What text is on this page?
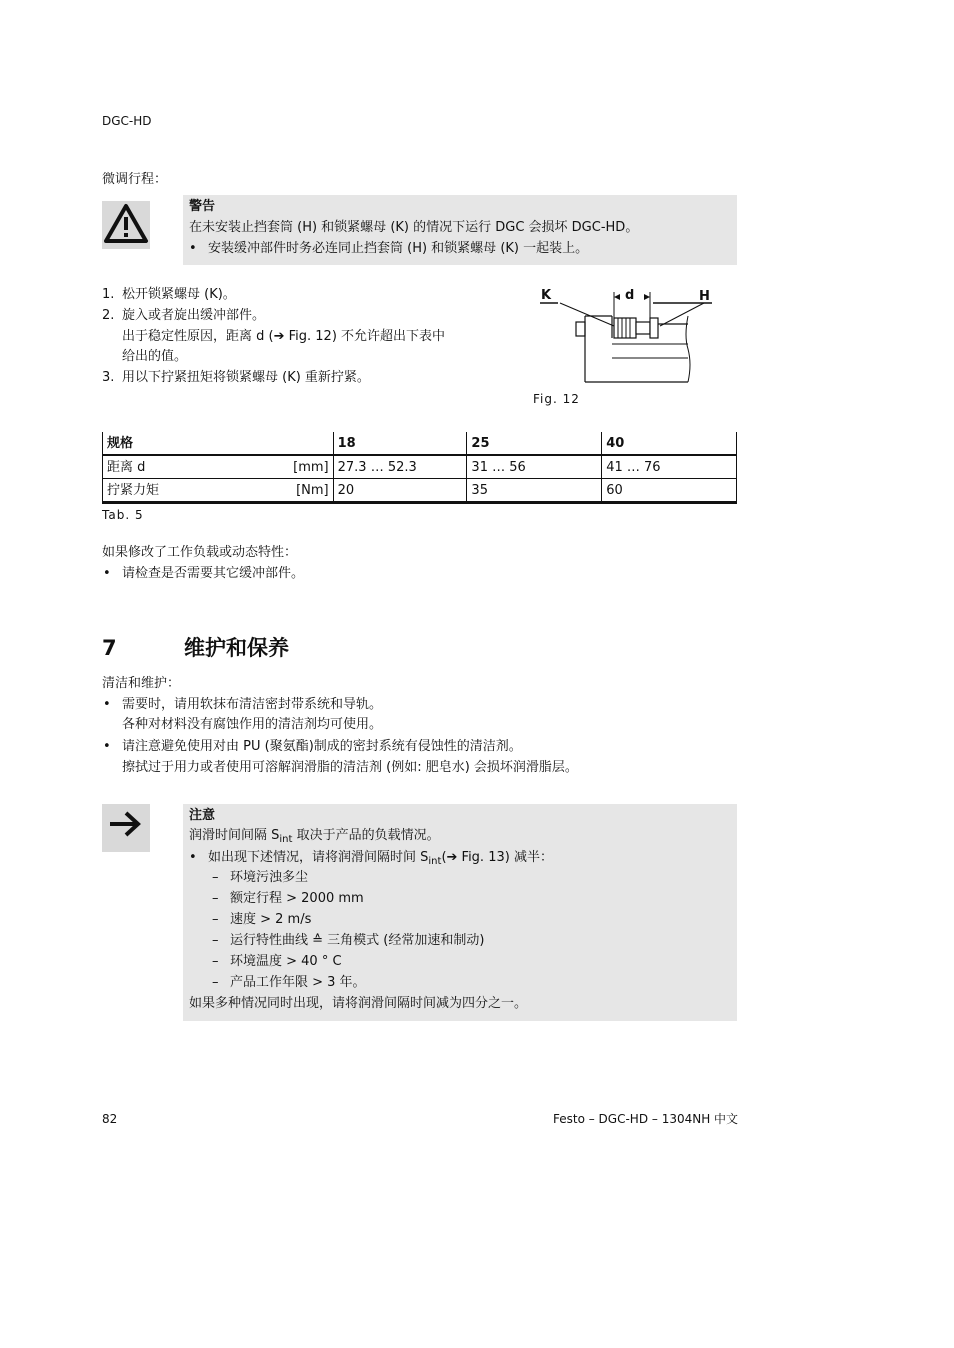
DGC-HD
微调行程：
警告
在未安装止挡套筒 (H) 和锁紧螺母 (K) 的情况下运行 DGC 会损坏 DGC-HD。
• 安装缓冲部件时务必连同止挡套筒 (H) 和锁紧螺母 (K) 一起装上。
1. 松开锁紧螺母 (K)。
2. 旋入或者旋出缓冲部件。
出于稳定性原因，距离 d (➔ Fig. 12) 不允许超出下表中
给出的值。
3. 用以下拧紧扭矩将锁紧螺母 (K) 重新拧紧。
K	d	H
Fig. 12
规格	18	25	40
距离 d [mm]	27.3 … 52.3	31 … 56	41 … 76
拧紧力矩 [Nm]	20	35	60
Tab. 5
如果修改了工作负载或动态特性：
• 请检查是否需要其它缓冲部件。
7	维护和保养
清洁和维护：
• 需要时，请用软抹布清洁密封带系统和导轨。
各种对材料没有腐蚀作用的清洁剂均可使用。
• 请注意避免使用对由 PU (聚氨酯)制成的密封系统有侵蚀性的清洁剂。
擦拭过于用力或者使用可溶解润滑脂的清洁剂 (例如: 肥皂水) 会损坏润滑脂层。
注意
润滑时间间隔 $S_{int}$ 取决于产品的负载情况。
• 如出现下述情况，请将润滑间隔时间 $S_{int}(➔$ Fig. 13) 减半：
– 环境污浊多尘
– 额定行程 > 2000 mm
– 速度 > 2 m/s
– 运行特性曲线 ≙ 三角模式 (经常加速和制动)
– 环境温度 > 40 ° C
– 产品工作年限 > 3 年。
如果多种情况同时出现，请将润滑间隔时间减为四分之一。
82	Festo – DGC-HD – 1304NH 中文
